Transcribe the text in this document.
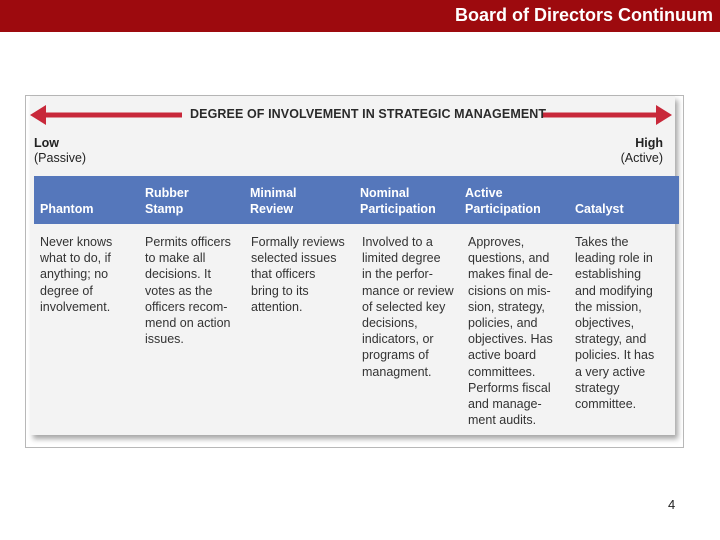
Board of Directors Continuum
DEGREE OF INVOLVEMENT IN STRATEGIC MANAGEMENT
Low
(Passive)
High
(Active)

Phantom
Rubber
Stamp
Minimal
Review
Nominal
Participation
Active
Participation
	Catalyst
Never knows
what to do, if
anything; no
degree of
involvement.
Permits officers
to make all
decisions. It
votes as the
officers recom-
mend on action
issues.
Formally reviews
selected issues
that officers
bring to its
attention.
Involved to a
limited degree
in the perfor-
mance or review
of selected key
decisions,
indicators, or
programs of
managment.
Approves,
questions, and
makes final de-
cisions on mis-
sion, strategy,
policies, and
objectives. Has
active board
committees.
Performs fiscal
and manage-
ment audits.
Takes the
leading role in
establishing
and modifying
the mission,
objectives,
strategy, and
policies. It has
a very active
strategy
committee.
4
